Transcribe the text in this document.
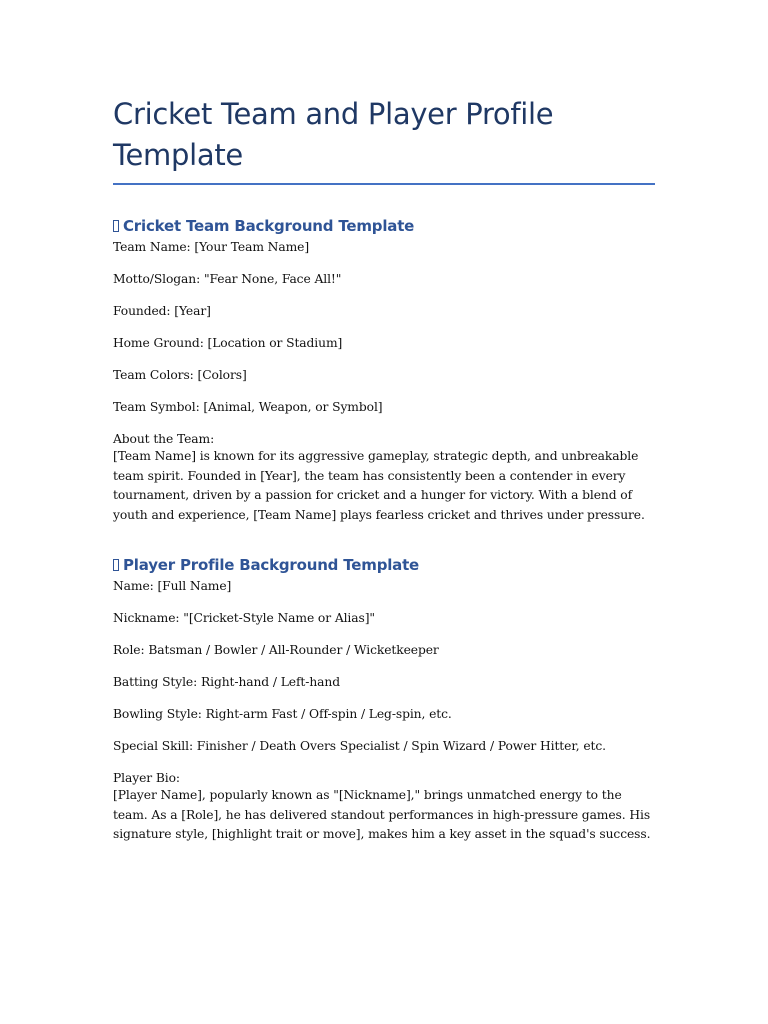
Cricket Team and Player Profile Template
Cricket Team Background Template

Team Name: [Your Team Name]

Motto/Slogan: "Fear None, Face All!"

Founded: [Year]

Home Ground: [Location or Stadium]

Team Colors: [Colors]

Team Symbol: [Animal, Weapon, or Symbol]

About the Team:

[Team Name] is known for its aggressive gameplay, strategic depth, and unbreakable team spirit. Founded in [Year], the team has consistently been a contender in every tournament, driven by a passion for cricket and a hunger for victory. With a blend of youth and experience, [Team Name] plays fearless cricket and thrives under pressure.

Player Profile Background Template

Name: [Full Name]

Nickname: "[Cricket-Style Name or Alias]"

Role: Batsman / Bowler / All-Rounder / Wicketkeeper

Batting Style: Right-hand / Left-hand

Bowling Style: Right-arm Fast / Off-spin / Leg-spin, etc.

Special Skill: Finisher / Death Overs Specialist / Spin Wizard / Power Hitter, etc.

Player Bio:

[Player Name], popularly known as "[Nickname]," brings unmatched energy to the team. As a [Role], he has delivered standout performances in high-pressure games. His signature style, [highlight trait or move], makes him a key asset in the squad's success.
